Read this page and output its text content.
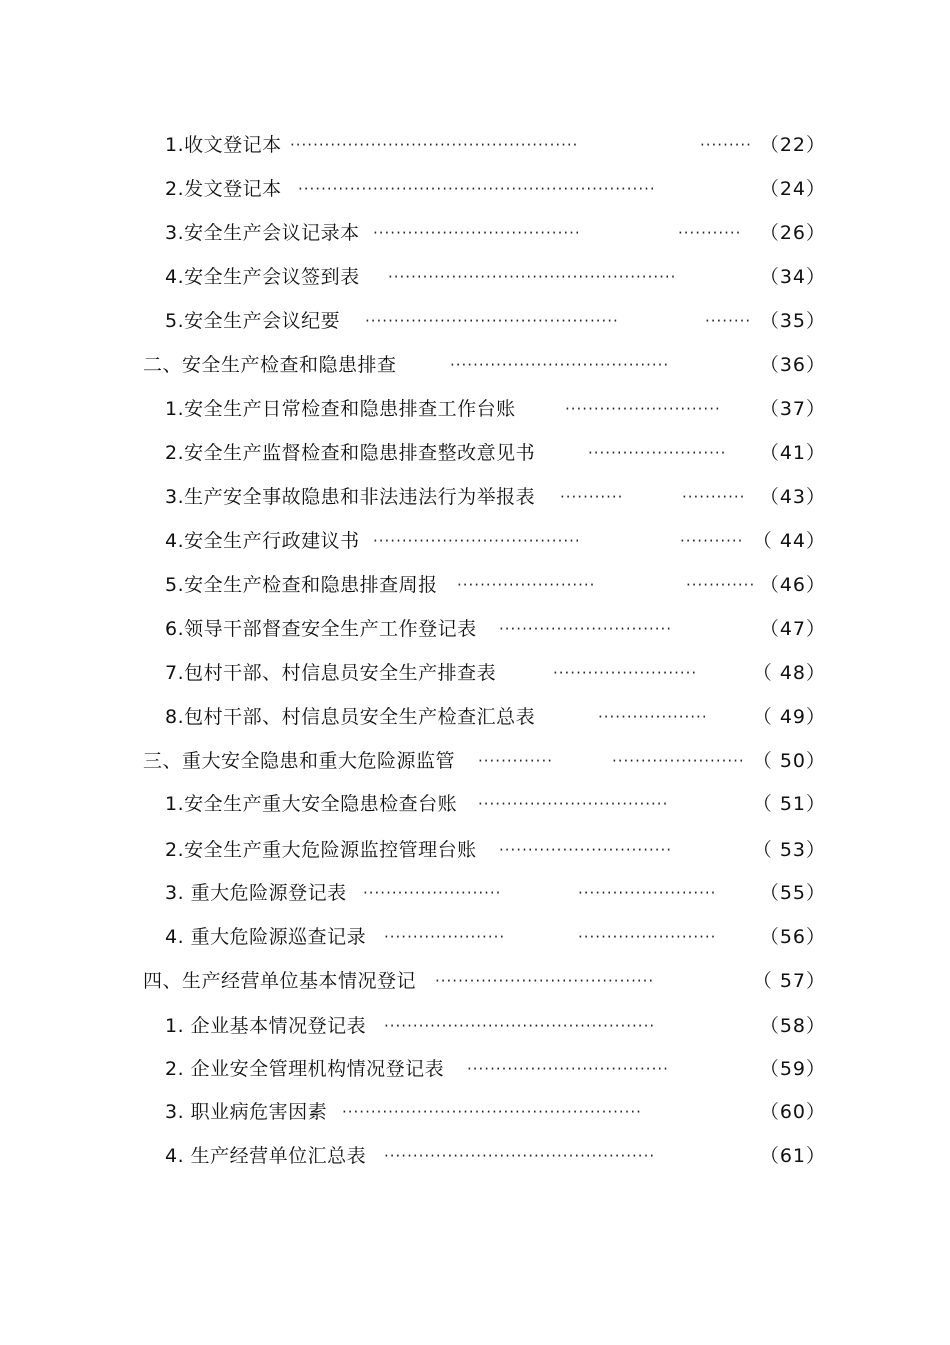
1.收文登记本 ··················································	········· （22）
2.发文登记本 ······························································	（24）
3.安全生产会议记录本 ····································	··········· （26）
4.安全生产会议签到表 ··················································	（34）
5.安全生产会议纪要 ············································	········ （35）
二、安全生产检查和隐患排查	······································	（36）
1.安全生产日常检查和隐患排查工作台账	···························	（37）
2.安全生产监督检查和隐患排查整改意见书	························	（41）
3.生产安全事故隐患和非法违法行为举报表 ···········	··········· （43）
4.安全生产行政建议书 ····································	··········· （ 44）
5.安全生产检查和隐患排查周报 ························	············ （46）
6.领导干部督查安全生产工作登记表 ······························	（47）
7.包村干部、村信息员安全生产排查表	·························	（ 48）
8.包村干部、村信息员安全生产检查汇总表	···················	（ 49）
三、重大安全隐患和重大危险源监管 ·············	······················· （ 50）
1.安全生产重大安全隐患检查台账 ·································	（ 51）
2.安全生产重大危险源监控管理台账 ······························	（ 53）
3. 重大危险源登记表 ························	························	（55）
4. 重大危险源巡查记录 ·····················	························	（56）
四、生产经营单位基本情况登记 ······································	（ 57）
1. 企业基本情况登记表 ···············································	（58）
2. 企业安全管理机构情况登记表 ···································	（59）
3. 职业病危害因素 ····················································	（60）
4. 生产经营单位汇总表 ···············································	（61）
